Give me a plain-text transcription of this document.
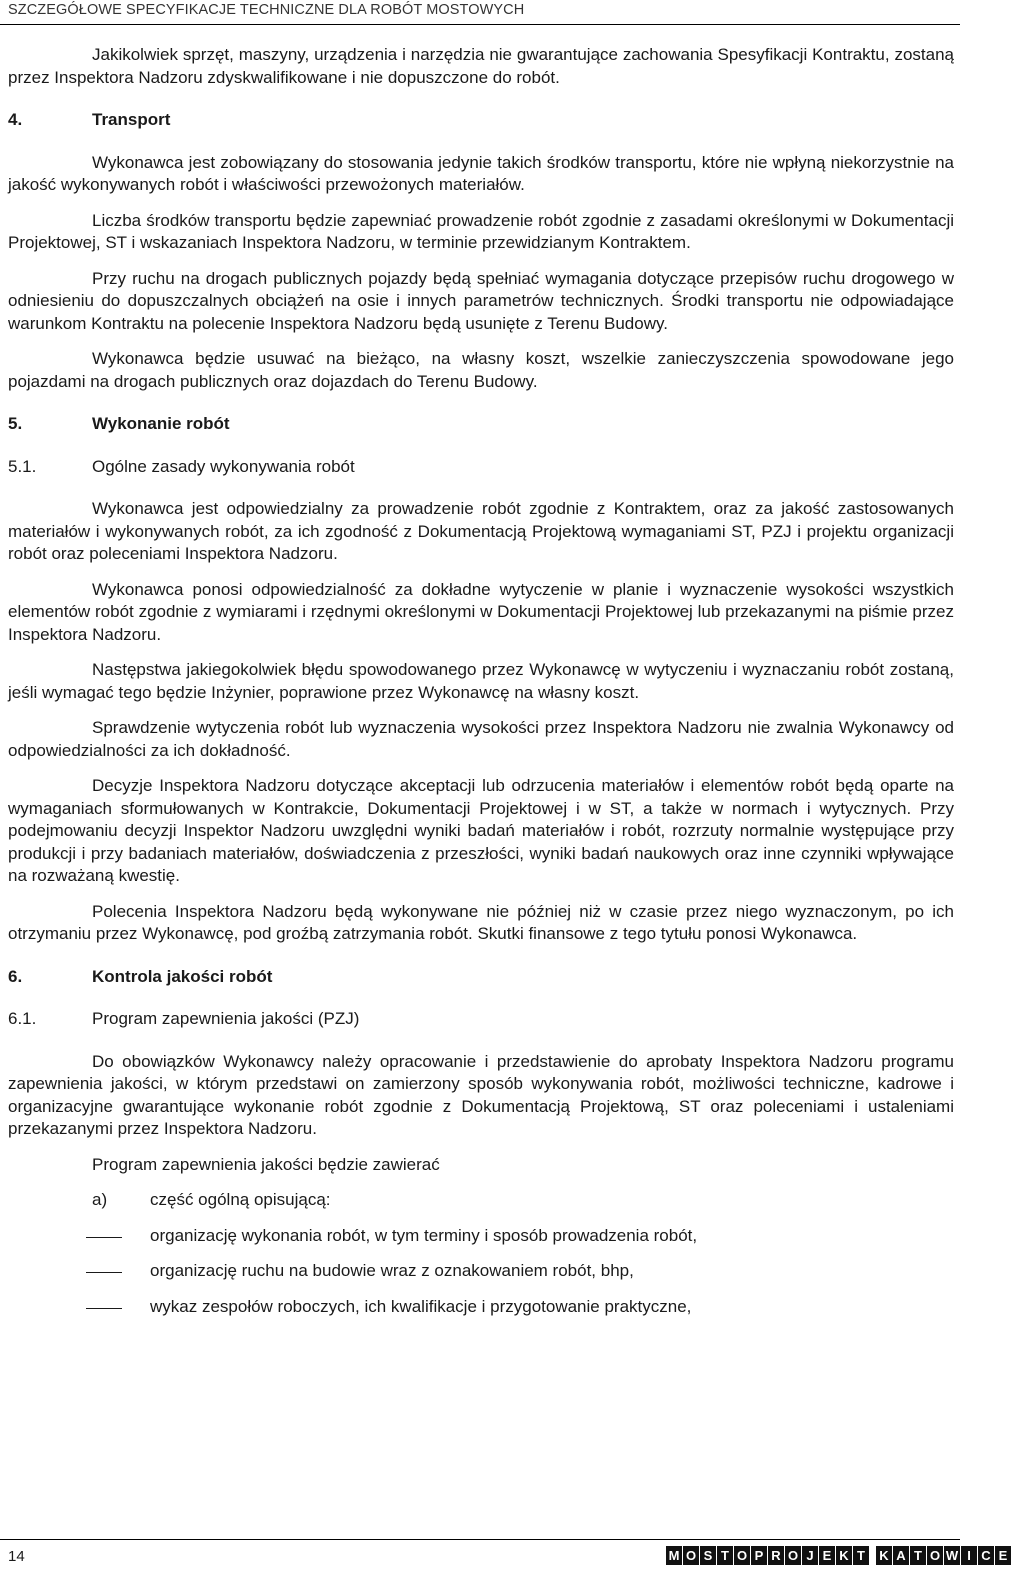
SZCZEGÓŁOWE SPECYFIKACJE TECHNICZNE DLA ROBÓT MOSTOWYCH

Jakikolwiek sprzęt, maszyny, urządzenia i narzędzia nie gwarantujące zachowania Spesyfikacji Kontraktu, zostaną przez Inspektora Nadzoru zdyskwalifikowane i nie dopuszczone do robót.

4.	Transport

Wykonawca jest zobowiązany do stosowania jedynie takich środków transportu, które nie wpłyną niekorzystnie na jakość wykonywanych robót i właściwości przewożonych materiałów.

Liczba środków transportu będzie zapewniać prowadzenie robót zgodnie z zasadami określonymi w Dokumentacji Projektowej, ST i wskazaniach Inspektora Nadzoru, w terminie przewidzianym Kontraktem.

Przy ruchu na drogach publicznych pojazdy będą spełniać wymagania dotyczące przepisów ruchu drogowego w odniesieniu do dopuszczalnych obciążeń na osie i innych parametrów technicznych. Środki transportu nie odpowiadające warunkom Kontraktu na polecenie Inspektora Nadzoru będą usunięte z Terenu Budowy.

Wykonawca będzie usuwać na bieżąco, na własny koszt, wszelkie zanieczyszczenia spowodowane jego pojazdami na drogach publicznych oraz dojazdach do Terenu Budowy.

5.	Wykonanie robót
5.1.	Ogólne zasady wykonywania robót

Wykonawca jest odpowiedzialny za prowadzenie robót zgodnie z Kontraktem, oraz za jakość zastosowanych materiałów i wykonywanych robót, za ich zgodność z Dokumentacją Projektową wymaganiami ST, PZJ i projektu organizacji robót oraz poleceniami Inspektora Nadzoru.

Wykonawca ponosi odpowiedzialność za dokładne wytyczenie w planie i wyznaczenie wysokości wszystkich elementów robót zgodnie z wymiarami i rzędnymi określonymi w Dokumentacji Projektowej lub przekazanymi na piśmie przez Inspektora Nadzoru.

Następstwa jakiegokolwiek błędu spowodowanego przez Wykonawcę w wytyczeniu i wyznaczaniu robót zostaną, jeśli wymagać tego będzie Inżynier, poprawione przez Wykonawcę na własny koszt.

Sprawdzenie wytyczenia robót lub wyznaczenia wysokości przez Inspektora Nadzoru nie zwalnia Wykonawcy od odpowiedzialności za ich dokładność.

Decyzje Inspektora Nadzoru dotyczące akceptacji lub odrzucenia materiałów i elementów robót będą oparte na wymaganiach sformułowanych w Kontrakcie, Dokumentacji Projektowej i w ST, a także w normach i wytycznych. Przy podejmowaniu decyzji Inspektor Nadzoru uwzględni wyniki badań materiałów i robót, rozrzuty normalnie występujące przy produkcji i przy badaniach materiałów, doświadczenia z przeszłości, wyniki badań naukowych oraz inne czynniki wpływające na rozważaną kwestię.

Polecenia Inspektora Nadzoru będą wykonywane nie później niż w czasie przez niego wyznaczonym, po ich otrzymaniu przez Wykonawcę, pod groźbą zatrzymania robót. Skutki finansowe z tego tytułu ponosi Wykonawca.

6.	Kontrola jakości robót
6.1.	Program zapewnienia jakości (PZJ)

Do obowiązków Wykonawcy należy opracowanie i przedstawienie do aprobaty Inspektora Nadzoru programu zapewnienia jakości, w którym przedstawi on zamierzony sposób wykonywania robót, możliwości techniczne, kadrowe i organizacyjne gwarantujące wykonanie robót zgodnie z Dokumentacją Projektową, ST oraz poleceniami i ustaleniami przekazanymi przez Inspektora Nadzoru.

Program zapewnienia jakości będzie zawierać

a)	część ogólną opisującą:
organizację wykonania robót, w tym terminy i sposób prowadzenia robót,
organizację ruchu na budowie wraz z oznakowaniem robót, bhp,
wykaz zespołów roboczych, ich kwalifikacje i przygotowanie praktyczne,
14	M O S T O P R O J E K T	K A T O W I C E
